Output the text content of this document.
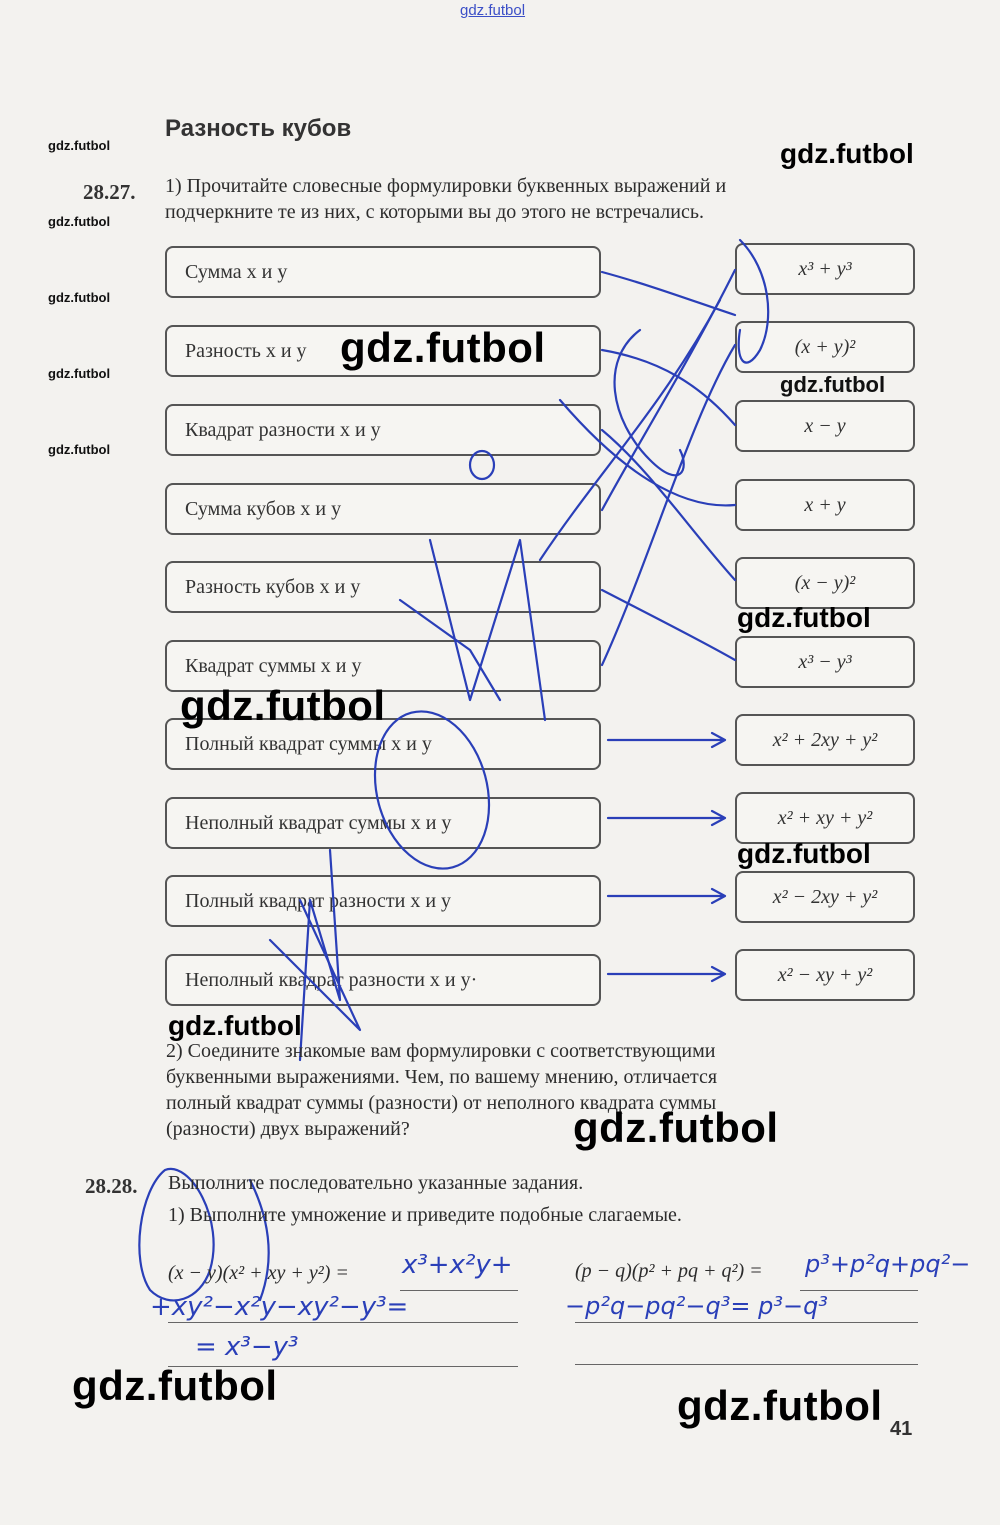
gdz.futbol
gdz.futbol
gdz.futbol
gdz.futbol
gdz.futbol
gdz.futbol
Разность кубов
28.27. 1) Прочитайте словесные формулировки буквенных выражений и
подчеркните те из них, с которыми вы до этого не встречались.
Сумма x и y
Разность x и y
Квадрат разности x и y
Сумма кубов x и y
Разность кубов x и y
Квадрат суммы x и y
Полный квадрат суммы x и y
Неполный квадрат суммы x и y
Полный квадрат разности x и y
Неполный квадрат разности x и y·
x³ + y³
(x + y)²
x − y
x + y
(x − y)²
x³ − y³
x² + 2xy + y²
x² + xy + y²
x² − 2xy + y²
x² − xy + y²
gdz.futbol
gdz.futbol
gdz.futbol
gdz.futbol
gdz.futbol
gdz.futbol
gdz.futbol
2) Соедините знакомые вам формулировки с соответствующими
буквенными выражениями. Чем, по вашему мнению, отличается
полный квадрат суммы (разности) от неполного квадрата суммы
(разности) двух выражений?	gdz.futbol
28.28. Выполните последовательно указанные задания.
1) Выполните умножение и приведите подобные слагаемые.
(x − y)(x² + xy + y²) =	(p − q)(p² + pq + q²) =
x³+x²y+
+xy²−x²y−xy²−y³=
= x³−y³
p³+p²q+pq²−
−p²q−pq²−q³= p³−q³
gdz.futbol	gdz.futbol 41
